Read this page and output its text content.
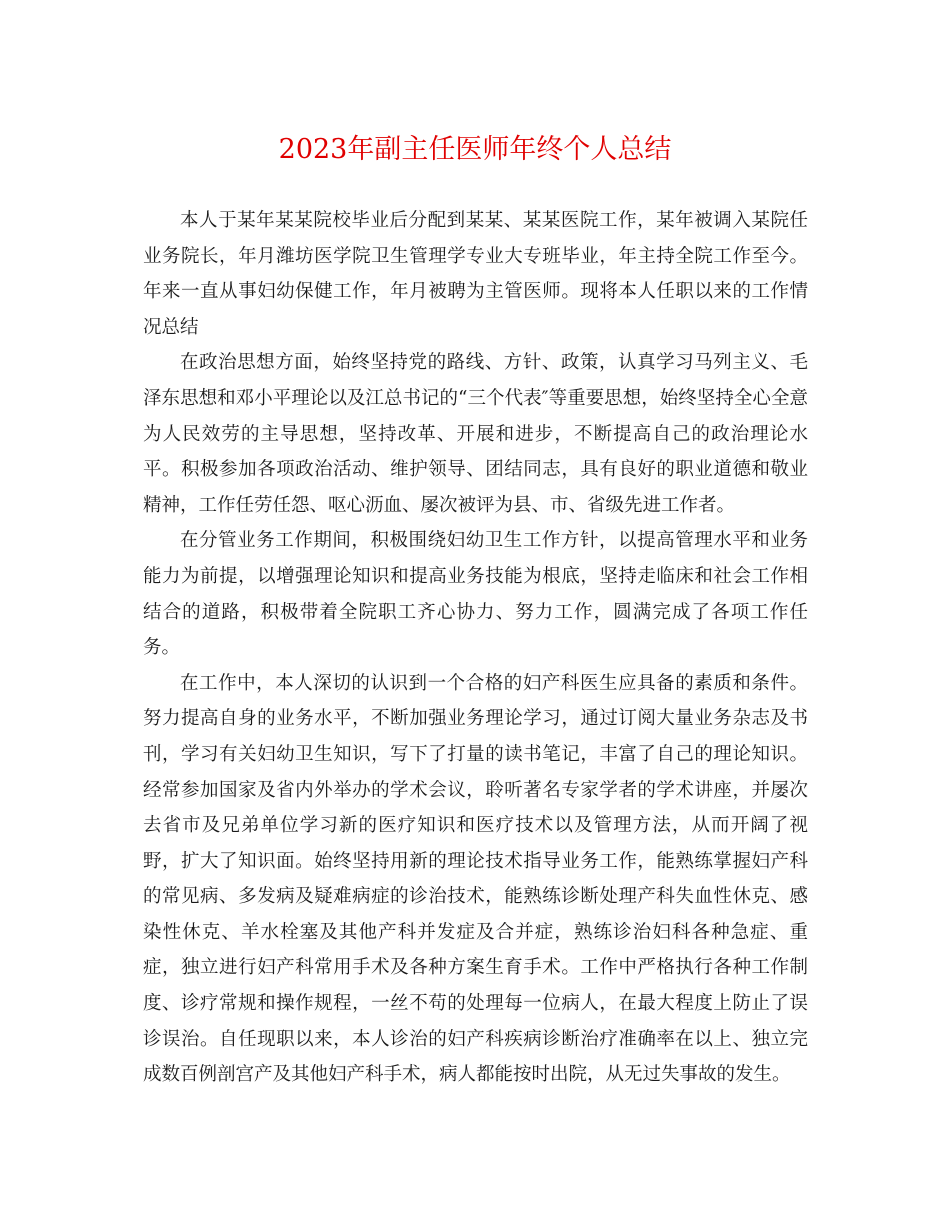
2023年副主任医师年终个人总结

本人于某年某某院校毕业后分配到某某、某某医院工作，某年被调入某院任业务院长，年月潍坊医学院卫生管理学专业大专班毕业，年主持全院工作至今。年来一直从事妇幼保健工作，年月被聘为主管医师。现将本人任职以来的工作情况总结

在政治思想方面，始终坚持党的路线、方针、政策，认真学习马列主义、毛泽东思想和邓小平理论以及江总书记的“三个代表″等重要思想，始终坚持全心全意为人民效劳的主导思想，坚持改革、开展和进步，不断提高自己的政治理论水平。积极参加各项政治活动、维护领导、团结同志，具有良好的职业道德和敬业精神，工作任劳任怨、呕心沥血、屡次被评为县、市、省级先进工作者。

在分管业务工作期间，积极围绕妇幼卫生工作方针，以提高管理水平和业务能力为前提，以增强理论知识和提高业务技能为根底，坚持走临床和社会工作相结合的道路，积极带着全院职工齐心协力、努力工作，圆满完成了各项工作任务。

在工作中，本人深切的认识到一个合格的妇产科医生应具备的素质和条件。努力提高自身的业务水平，不断加强业务理论学习，通过订阅大量业务杂志及书刊，学习有关妇幼卫生知识，写下了打量的读书笔记，丰富了自己的理论知识。经常参加国家及省内外举办的学术会议，聆听著名专家学者的学术讲座，并屡次去省市及兄弟单位学习新的医疗知识和医疗技术以及管理方法，从而开阔了视野，扩大了知识面。始终坚持用新的理论技术指导业务工作，能熟练掌握妇产科的常见病、多发病及疑难病症的诊治技术，能熟练诊断处理产科失血性休克、感染性休克、羊水栓塞及其他产科并发症及合并症，熟练诊治妇科各种急症、重症，独立进行妇产科常用手术及各种方案生育手术。工作中严格执行各种工作制度、诊疗常规和操作规程，一丝不苟的处理每一位病人，在最大程度上防止了误诊误治。自任现职以来，本人诊治的妇产科疾病诊断治疗准确率在以上、独立完成数百例剖宫产及其他妇产科手术，病人都能按时出院，从无过失事故的发生。
